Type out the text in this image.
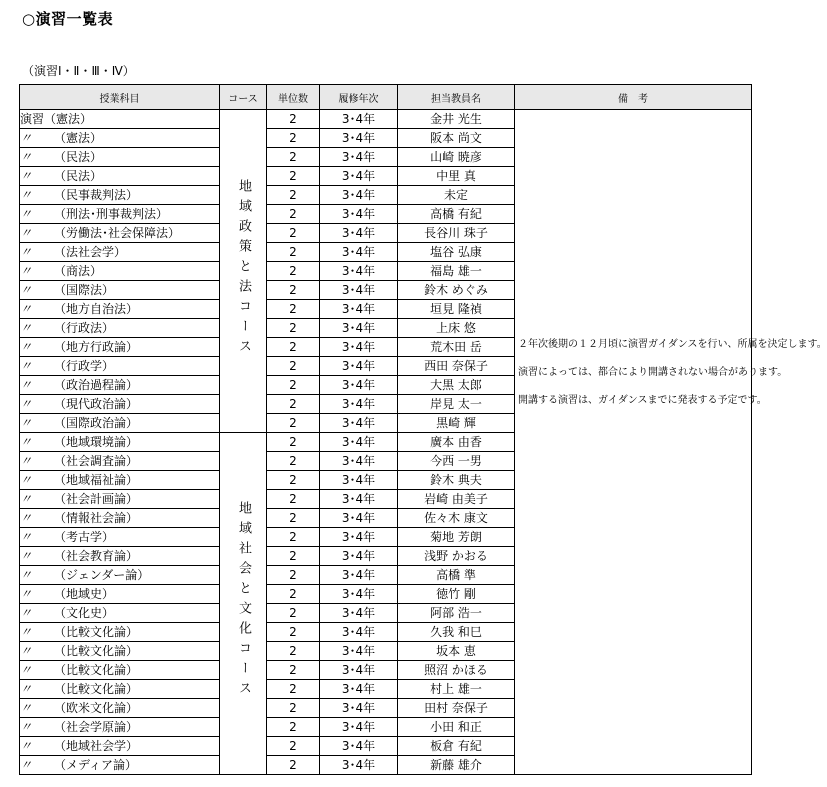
○演習一覧表
（演習Ⅰ・Ⅱ・Ⅲ・Ⅳ）
授業科目	コース	単位数	履修年次	担当教員名	備　考
演習（憲法）	地域政策と法コース	2	3･4年	金井 光生	２年次後期の１２月頃に演習ガイダンスを行い、所属を決定します。

演習によっては、都合により開講されない場合があります。

開講する演習は、ガイダンスまでに発表する予定です。

〃 （憲法）		2	3･4年	阪本 尚文	
〃 （民法）		2	3･4年	山崎 暁彦	
〃 （民法）		2	3･4年	中里 真	
〃 （民事裁判法）		2	3･4年	未定	
〃 （刑法･刑事裁判法）		2	3･4年	高橋 有紀	
〃 （労働法･社会保障法）		2	3･4年	長谷川 珠子	
〃 （法社会学）		2	3･4年	塩谷 弘康	
〃 （商法）		2	3･4年	福島 雄一	
〃 （国際法）		2	3･4年	鈴木 めぐみ	
〃 （地方自治法）		2	3･4年	垣見 隆禎	
〃 （行政法）		2	3･4年	上床 悠	
〃 （地方行政論）		2	3･4年	荒木田 岳	
〃 （行政学）		2	3･4年	西田 奈保子	
〃 （政治過程論）		2	3･4年	大黒 太郎	
〃 （現代政治論）		2	3･4年	岸見 太一	
〃 （国際政治論）		2	3･4年	黒崎 輝	
〃 （地域環境論）	地域社会と文化コース	2	3･4年	廣本 由香	
〃 （社会調査論）		2	3･4年	今西 一男	
〃 （地域福祉論）		2	3･4年	鈴木 典夫	
〃 （社会計画論）		2	3･4年	岩崎 由美子	
〃 （情報社会論）		2	3･4年	佐々木 康文	
〃 （考古学）		2	3･4年	菊地 芳朗	
〃 （社会教育論）		2	3･4年	浅野 かおる	
〃 （ジェンダー論）		2	3･4年	高橋 準	
〃 （地域史）		2	3･4年	徳竹 剛	
〃 （文化史）		2	3･4年	阿部 浩一	
〃 （比較文化論）		2	3･4年	久我 和巳	
〃 （比較文化論）		2	3･4年	坂本 恵	
〃 （比較文化論）		2	3･4年	照沼 かほる	
〃 （比較文化論）		2	3･4年	村上 雄一	
〃 （欧米文化論）		2	3･4年	田村 奈保子	
〃 （社会学原論）		2	3･4年	小田 和正	
〃 （地域社会学）		2	3･4年	板倉 有紀	
〃 （メディア論）		2	3･4年	新藤 雄介	
